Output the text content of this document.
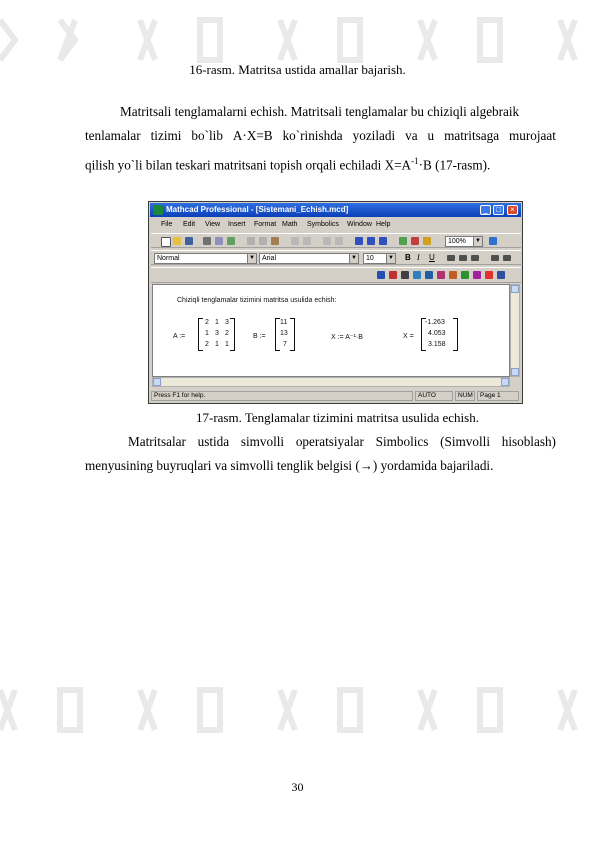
16-rasm. Matritsa ustida amallar bajarish.
Matritsali tenglamalarni echish. Matritsali tenglamalar bu chiziqli algebraik
tenlamalar tizimi bo`lib A·X=B ko`rinishda yoziladi va u matritsaga murojaat
qilish yo`li bilan teskari matritsani topish orqali echiladi $X=A^{-1}\cdot B$ (17-rasm).
Mathcad Professional - [Sistemani_Echish.mcd]	_	□	×
File Edit View Insert Format Math Symbolics Window Help
100%	▼
Normal	▼	Arial	▼	10	▼ B I	U
Chiziqli tenglamalar tizimini matritsa usulida echish:
A :=
2 1 3
1 3 2
2 1 1
B :=
11
13
7
X := A⁻¹·B	X =
-1.263
4.053
3.158
Press F1 for help.	AUTO	NUM	Page 1
17-rasm. Tenglamalar tizimini matritsa usulida echish.
Matritsalar ustida simvolli operatsiyalar Simbolics (Simvolli hisoblash)
menyusining buyruqlari va simvolli tenglik belgisi (→) yordamida bajariladi.
30
